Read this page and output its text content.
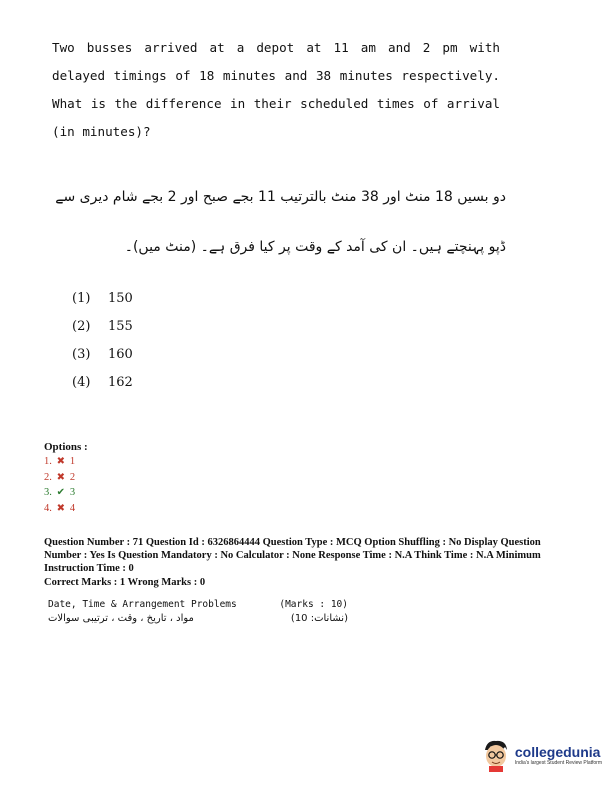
Two busses arrived at a depot at 11 am and 2 pm with delayed timings of 18 minutes and 38 minutes respectively. What is the difference in their scheduled times of arrival (in minutes)?
دو بسیں 18 منٹ اور 38 منٹ بالترتیب 11 بجے صبح اور 2 بجے شام دیری سے ڈپو پہنچتے ہیں۔ ان کی آمد کے وقت پر کیا فرق ہے۔ (منٹ میں)۔
(1)	150
(2)	155
(3)	160
(4)	162
Options :
1. ✖ 1
2. ✖ 2
3. ✔ 3
4. ✖ 4
Question Number : 71 Question Id : 6326864444 Question Type : MCQ Option Shuffling : No Display Question Number : Yes Is Question Mandatory : No Calculator : None Response Time : N.A Think Time : N.A Minimum Instruction Time : 0
Correct Marks : 1 Wrong Marks : 0
Date, Time & Arrangement Problems	(Marks : 10)
مواد ، تاریخ ، وقت ، ترتیبی سوالات	(نشانات: 10)
collegedunia
India's largest Student Review Platform
